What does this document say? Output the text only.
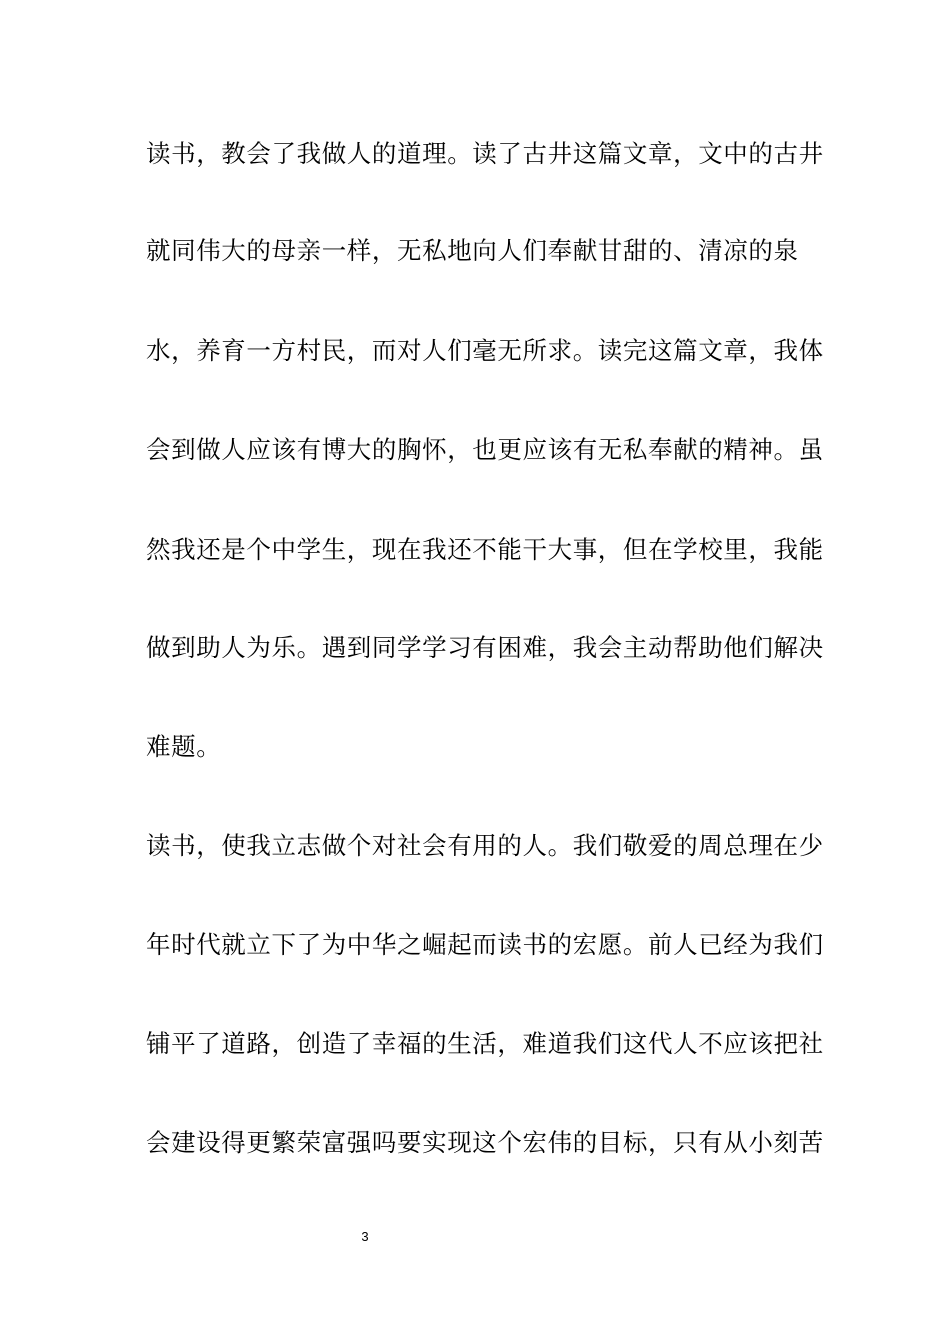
读书，教会了我做人的道理。读了古井这篇文章，文中的古井
就同伟大的母亲一样，无私地向人们奉献甘甜的、清凉的泉
水，养育一方村民，而对人们毫无所求。读完这篇文章，我体
会到做人应该有博大的胸怀，也更应该有无私奉献的精神。虽
然我还是个中学生，现在我还不能干大事，但在学校里，我能
做到助人为乐。遇到同学学习有困难，我会主动帮助他们解决
难题。
读书，使我立志做个对社会有用的人。我们敬爱的周总理在少
年时代就立下了为中华之崛起而读书的宏愿。前人已经为我们
铺平了道路，创造了幸福的生活，难道我们这代人不应该把社
会建设得更繁荣富强吗要实现这个宏伟的目标，只有从小刻苦
3
